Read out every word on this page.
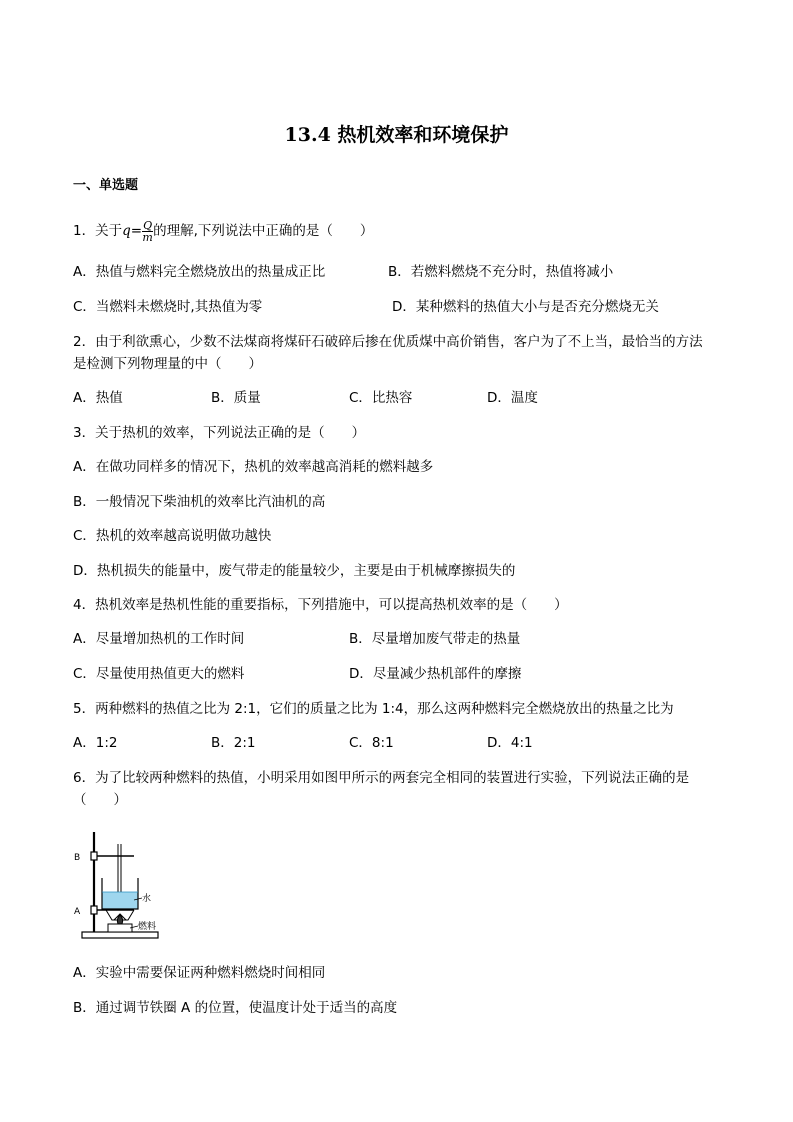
13.4 热机效率和环境保护
一、单选题
1．关于$q= \frac{Q}{m}$ 的理解,下列说法中正确的是（　　）
A．热值与燃料完全燃烧放出的热量成正比	B．若燃料燃烧不充分时，热值将减小
C．当燃料未燃烧时,其热值为零	D．某种燃料的热值大小与是否充分燃烧无关
2．由于利欲熏心，少数不法煤商将煤矸石破碎后掺在优质煤中高价销售，客户为了不上当，最恰当的方法
是检测下列物理量的中（　　）
A．热值	B．质量	C．比热容	D．温度
3．关于热机的效率，下列说法正确的是（　　）
A．在做功同样多的情况下，热机的效率越高消耗的燃料越多
B．一般情况下柴油机的效率比汽油机的高
C．热机的效率越高说明做功越快
D．热机损失的能量中，废气带走的能量较少，主要是由于机械摩擦损失的
4．热机效率是热机性能的重要指标，下列措施中，可以提高热机效率的是（　　）
A．尽量增加热机的工作时间	B．尽量增加废气带走的热量
C．尽量使用热值更大的燃料	D．尽量减少热机部件的摩擦
5．两种燃料的热值之比为 2:1，它们的质量之比为 1:4，那么这两种燃料完全燃烧放出的热量之比为
A．1:2	B．2:1	C．8:1	D．4:1
6．为了比较两种燃料的热值，小明采用如图甲所示的两套完全相同的装置进行实验，下列说法正确的是
（　　）
B
A
水
燃料
A．实验中需要保证两种燃料燃烧时间相同
B．通过调节铁圈 A 的位置，使温度计处于适当的高度
